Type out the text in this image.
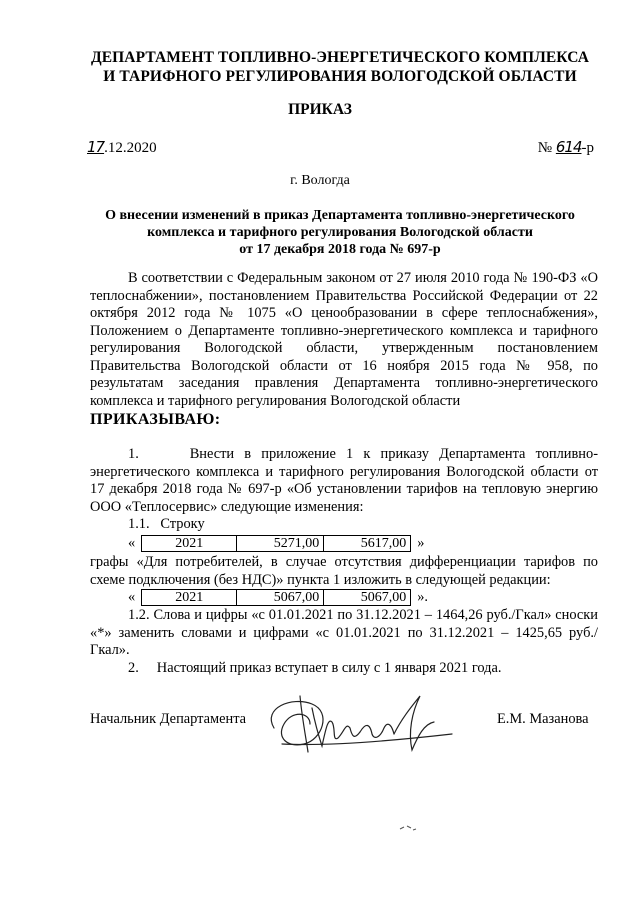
ДЕПАРТАМЕНТ ТОПЛИВНО-ЭНЕРГЕТИЧЕСКОГО КОМПЛЕКСА
И ТАРИФНОГО РЕГУЛИРОВАНИЯ ВОЛОГОДСКОЙ ОБЛАСТИ
ПРИКАЗ
17.12.2020	№ 614-р
г. Вологда
О внесении изменений в приказ Департамента топливно-энергетического
комплекса и тарифного регулирования Вологодской области
от 17 декабря 2018 года № 697-р
В соответствии с Федеральным законом от 27 июля 2010 года № 190-ФЗ «О теплоснабжении», постановлением Правительства Российской Федерации от 22 октября 2012 года № 1075 «О ценообразовании в сфере теплоснабжения», Положением о Департаменте топливно-энергетического комплекса и тарифного регулирования Вологодской области, утвержденным постановлением Правительства Вологодской области от 16 ноября 2015 года № 958, по результатам заседания правления Департамента топливно-энергетического комплекса и тарифного регулирования Вологодской области
ПРИКАЗЫВАЮ:
1.	Внести в приложение 1 к приказу Департамента топливно-энергетического комплекса и тарифного регулирования Вологодской области от 17 декабря 2018 года № 697-р «Об установлении тарифов на тепловую энергию ООО «Теплосервис» следующие изменения:
1.1. Строку
«	2021	5271,00	5617,00 »
графы «Для потребителей, в случае отсутствия дифференциации тарифов по схеме подключения (без НДС)» пункта 1 изложить в следующей редакции:
«	2021	5067,00	5067,00 ».
1.2. Слова и цифры «с 01.01.2021 по 31.12.2021 – 1464,26 руб./Гкал» сноски «*» заменить словами и цифрами «с 01.01.2021 по 31.12.2021 – 1425,65 руб./Гкал».
2. Настоящий приказ вступает в силу с 1 января 2021 года.
Начальник Департамента	Е.М. Мазанова
